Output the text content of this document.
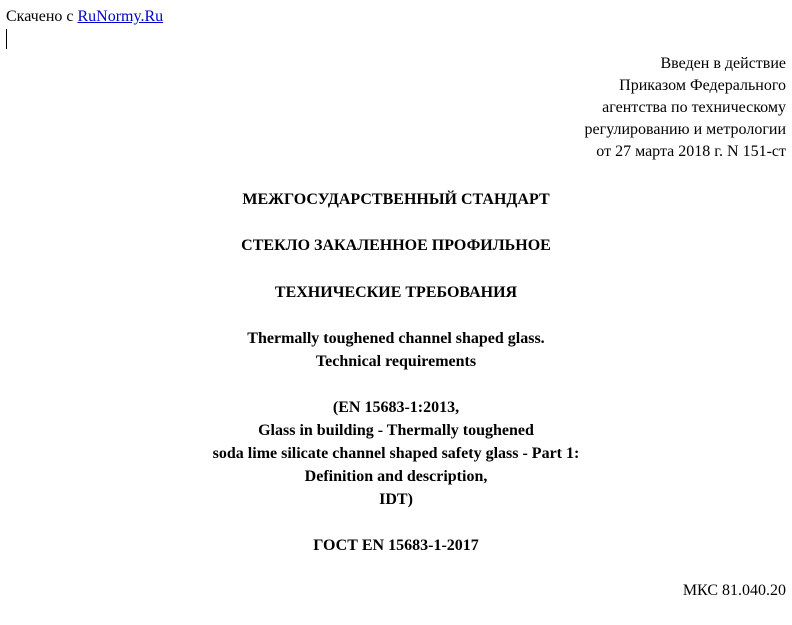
Скачено с RuNormy.Ru
Введен в действие
Приказом Федерального
агентства по техническому
регулированию и метрологии
от 27 марта 2018 г. N 151-ст
МЕЖГОСУДАРСТВЕННЫЙ СТАНДАРТ
СТЕКЛО ЗАКАЛЕННОЕ ПРОФИЛЬНОЕ
ТЕХНИЧЕСКИЕ ТРЕБОВАНИЯ
Thermally toughened channel shaped glass.
Technical requirements
(EN 15683-1:2013,
Glass in building - Thermally toughened
soda lime silicate channel shaped safety glass - Part 1:
Definition and description,
IDT)
ГОСТ EN 15683-1-2017
МКС 81.040.20
